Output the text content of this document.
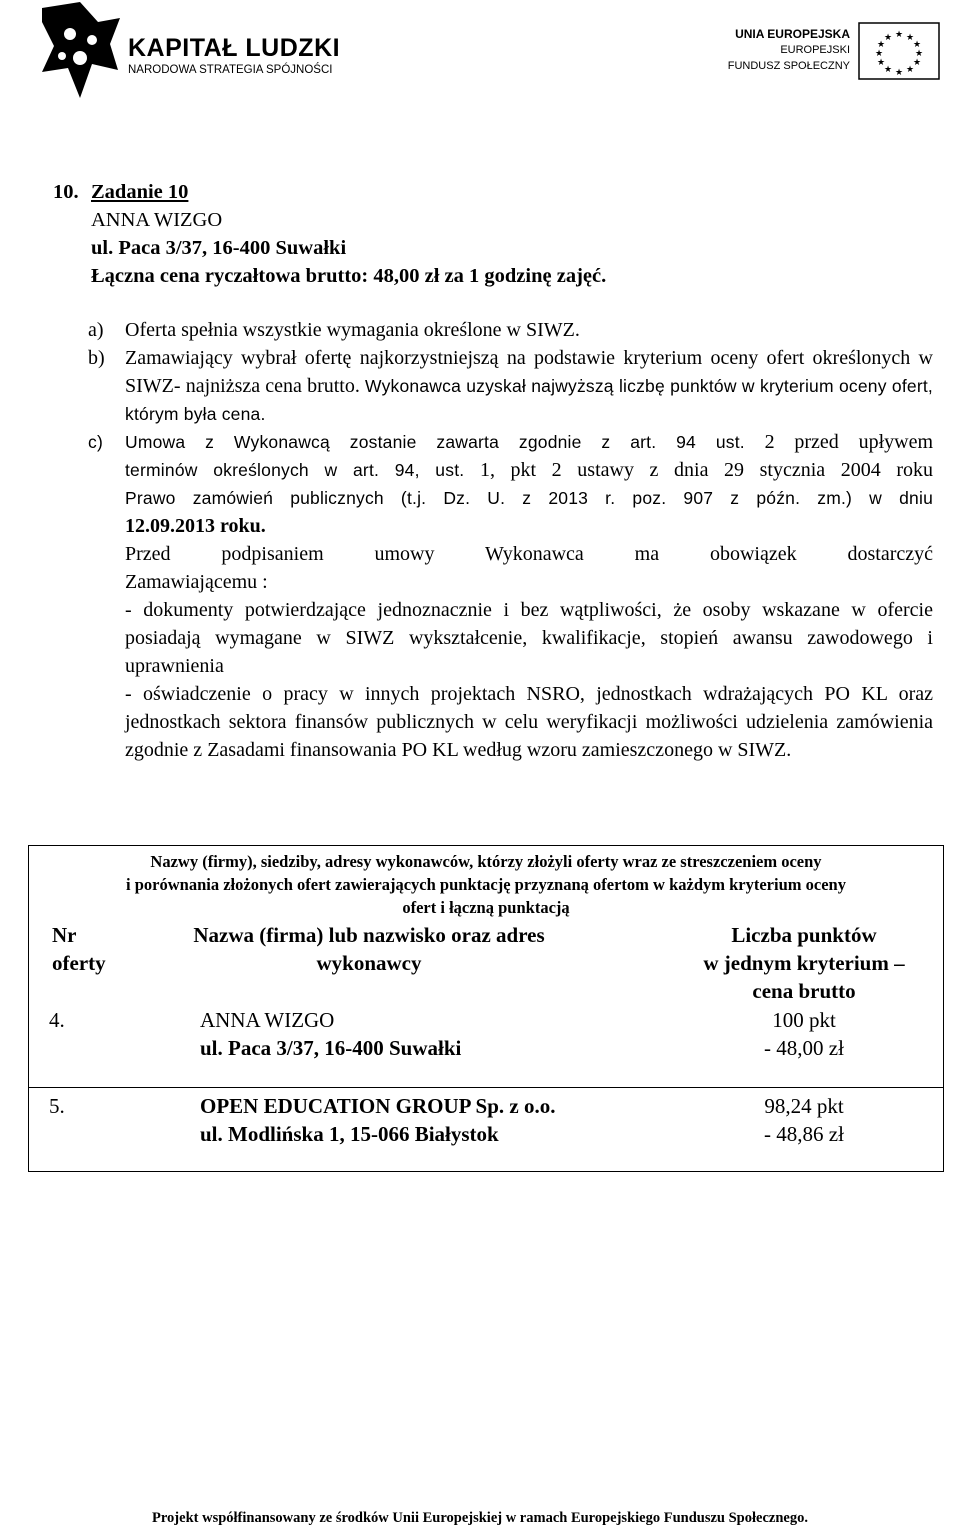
KAPITAŁ LUDZKI
NARODOWA STRATEGIA SPÓJNOŚCI
UNIA EUROPEJSKA
EUROPEJSKI
FUNDUSZ SPOŁECZNY
★ ★
★
★
★
★
★
★
★
★
★
★
10. Zadanie 10
ANNA WIZGO
ul. Paca 3/37, 16-400 Suwałki
Łączna cena ryczałtowa brutto: 48,00 zł za 1 godzinę zajęć.
a) Oferta spełnia wszystkie wymagania określone w SIWZ.
b) Zamawiający wybrał ofertę najkorzystniejszą na podstawie kryterium oceny ofert określonych w SIWZ- najniższa cena brutto. Wykonawca uzyskał najwyższą liczbę punktów w kryterium oceny ofert, którym była cena.
c) Umowa z Wykonawcą zostanie zawarta zgodnie z art. 94 ust. 2 przed upływem
terminów określonych w art. 94, ust. 1, pkt 2 ustawy z dnia 29 stycznia 2004 roku
Prawo zamówień publicznych (t.j. Dz. U. z 2013 r. poz. 907 z późn. zm.) w dniu
12.09.2013 roku.
Przed podpisaniem umowy Wykonawca ma obowiązek dostarczyć
Zamawiającemu :
- dokumenty potwierdzające jednoznacznie i bez wątpliwości, że osoby wskazane w ofercie posiadają wymagane w SIWZ wykształcenie, kwalifikacje, stopień awansu zawodowego i uprawnienia
- oświadczenie o pracy w innych projektach NSRO, jednostkach wdrażających PO KL oraz jednostkach sektora finansów publicznych w celu weryfikacji możliwości udzielenia zamówienia zgodnie z Zasadami finansowania PO KL według wzoru zamieszczonego w SIWZ.
Nazwy (firmy), siedziby, adresy wykonawców, którzy złożyli oferty wraz ze streszczeniem oceny
i porównania złożonych ofert zawierających punktację przyznaną ofertom w każdym kryterium oceny
ofert i łączną punktacją
Nr
oferty
Nazwa (firma) lub nazwisko oraz adres
wykonawcy
Liczba punktów
w jednym kryterium –
cena brutto
4.	ANNA WIZGO
ul. Paca 3/37, 16-400 Suwałki
100 pkt
- 48,00 zł
5.	OPEN EDUCATION GROUP Sp. z o.o.
ul. Modlińska 1, 15-066 Białystok
98,24 pkt
- 48,86 zł
Projekt współfinansowany ze środków Unii Europejskiej w ramach Europejskiego Funduszu Społecznego.
